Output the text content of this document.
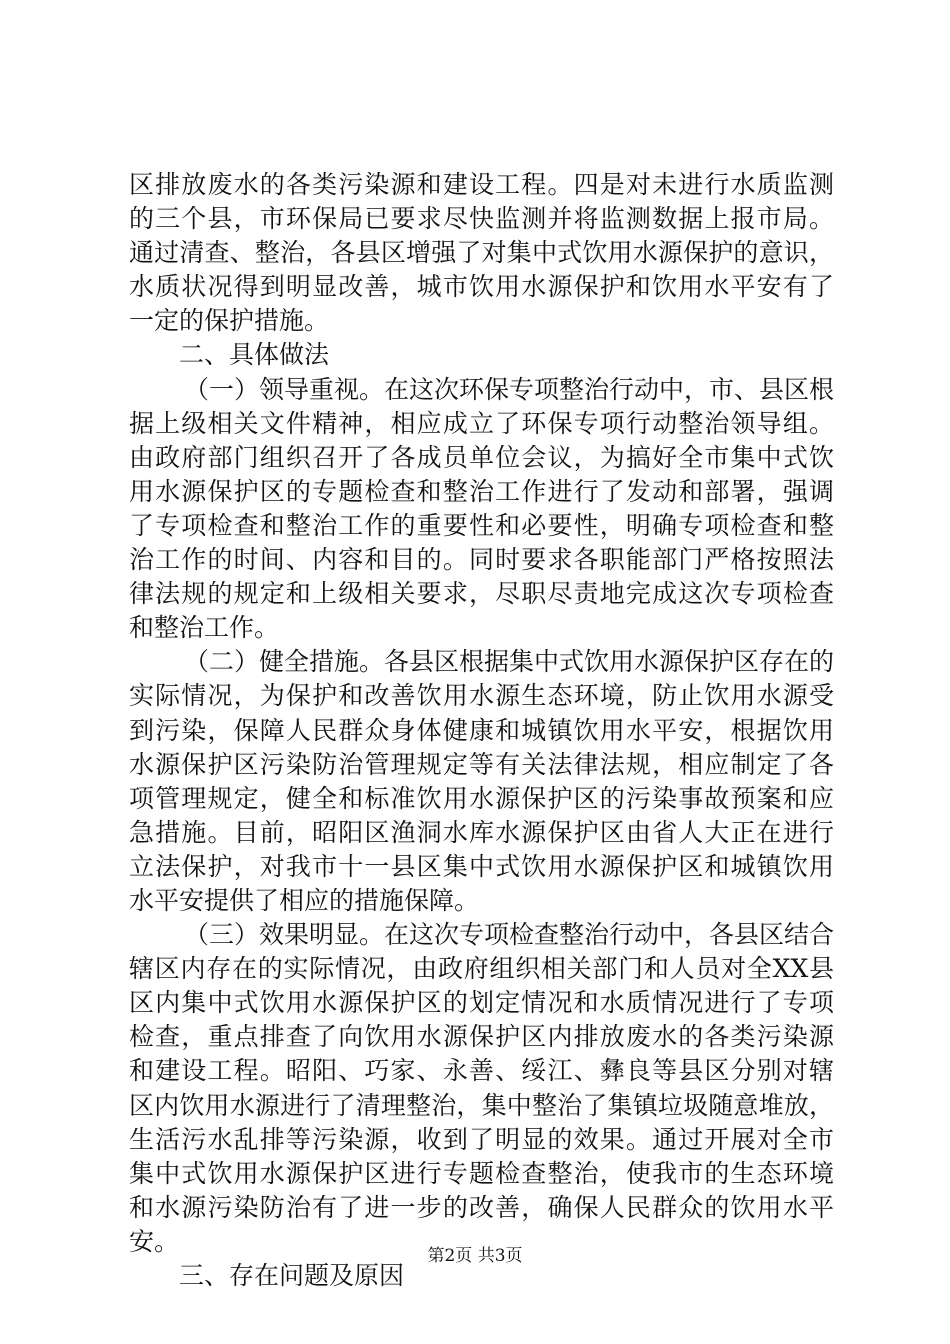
区排放废水的各类污染源和建设工程。四是对未进行水质监测
的三个县，市环保局已要求尽快监测并将监测数据上报市局。
通过清查、整治，各县区增强了对集中式饮用水源保护的意识，
水质状况得到明显改善，城市饮用水源保护和饮用水平安有了
一定的保护措施。
二、具体做法
（一）领导重视。在这次环保专项整治行动中，市、县区根
据上级相关文件精神，相应成立了环保专项行动整治领导组。
由政府部门组织召开了各成员单位会议，为搞好全市集中式饮
用水源保护区的专题检查和整治工作进行了发动和部署，强调
了专项检查和整治工作的重要性和必要性，明确专项检查和整
治工作的时间、内容和目的。同时要求各职能部门严格按照法
律法规的规定和上级相关要求，尽职尽责地完成这次专项检查
和整治工作。
（二）健全措施。各县区根据集中式饮用水源保护区存在的
实际情况，为保护和改善饮用水源生态环境，防止饮用水源受
到污染，保障人民群众身体健康和城镇饮用水平安，根据饮用
水源保护区污染防治管理规定等有关法律法规，相应制定了各
项管理规定，健全和标准饮用水源保护区的污染事故预案和应
急措施。目前，昭阳区渔洞水库水源保护区由省人大正在进行
立法保护，对我市十一县区集中式饮用水源保护区和城镇饮用
水平安提供了相应的措施保障。
（三）效果明显。在这次专项检查整治行动中，各县区结合
辖区内存在的实际情况，由政府组织相关部门和人员对全XX县
区内集中式饮用水源保护区的划定情况和水质情况进行了专项
检查，重点排查了向饮用水源保护区内排放废水的各类污染源
和建设工程。昭阳、巧家、永善、绥江、彝良等县区分别对辖
区内饮用水源进行了清理整治，集中整治了集镇垃圾随意堆放，
生活污水乱排等污染源，收到了明显的效果。通过开展对全市
集中式饮用水源保护区进行专题检查整治，使我市的生态环境
和水源污染防治有了进一步的改善，确保人民群众的饮用水平
安。
三、存在问题及原因
第2页 共3页
